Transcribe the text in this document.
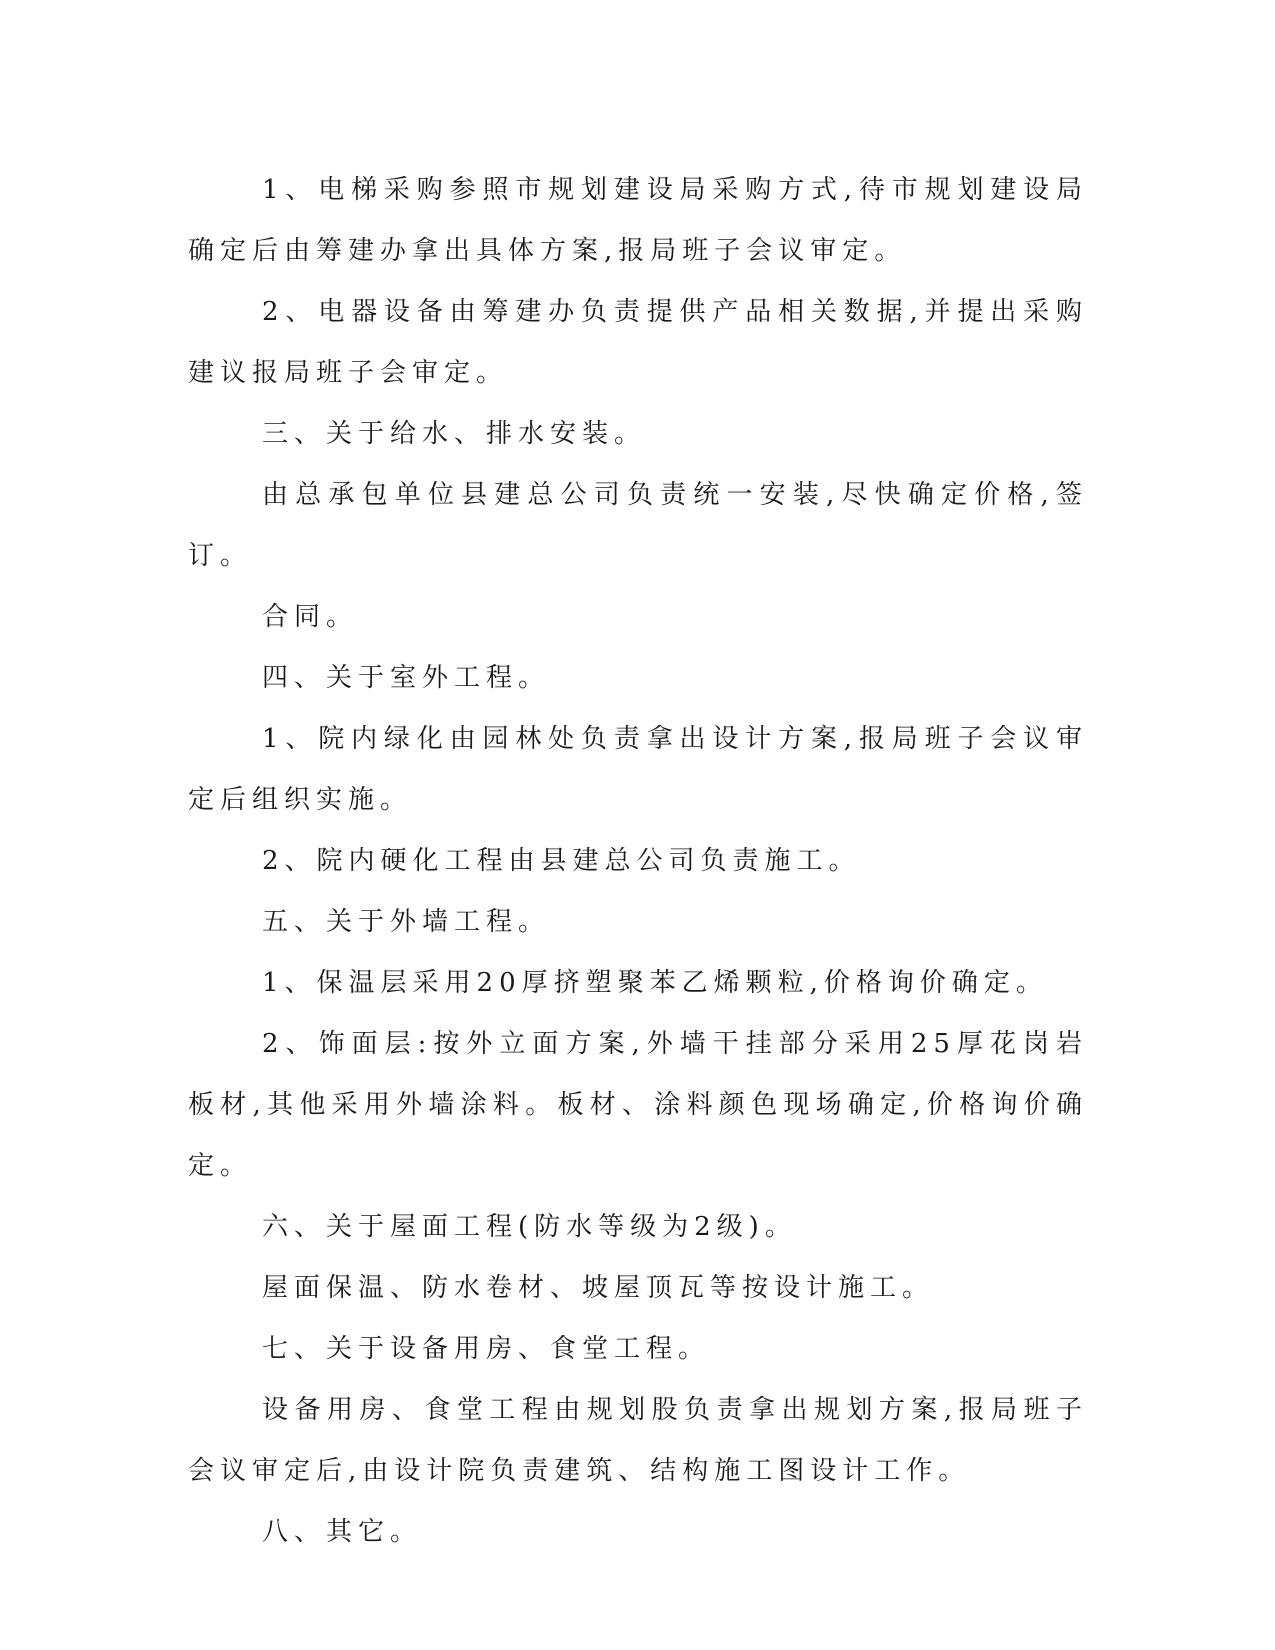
1、电梯采购参照市规划建设局采购方式,待市规划建设局确定后由筹建办拿出具体方案,报局班子会议审定。

2、电器设备由筹建办负责提供产品相关数据,并提出采购建议报局班子会审定。

三、关于给水、排水安装。

由总承包单位县建总公司负责统一安装,尽快确定价格,签订。

合同。

四、关于室外工程。

1、院内绿化由园林处负责拿出设计方案,报局班子会议审定后组织实施。

2、院内硬化工程由县建总公司负责施工。

五、关于外墙工程。

1、保温层采用20厚挤塑聚苯乙烯颗粒,价格询价确定。

2、饰面层:按外立面方案,外墙干挂部分采用25厚花岗岩板材,其他采用外墙涂料。板材、涂料颜色现场确定,价格询价确定。

六、关于屋面工程(防水等级为2级)。

屋面保温、防水卷材、坡屋顶瓦等按设计施工。

七、关于设备用房、食堂工程。

设备用房、食堂工程由规划股负责拿出规划方案,报局班子会议审定后,由设计院负责建筑、结构施工图设计工作。

八、其它。
